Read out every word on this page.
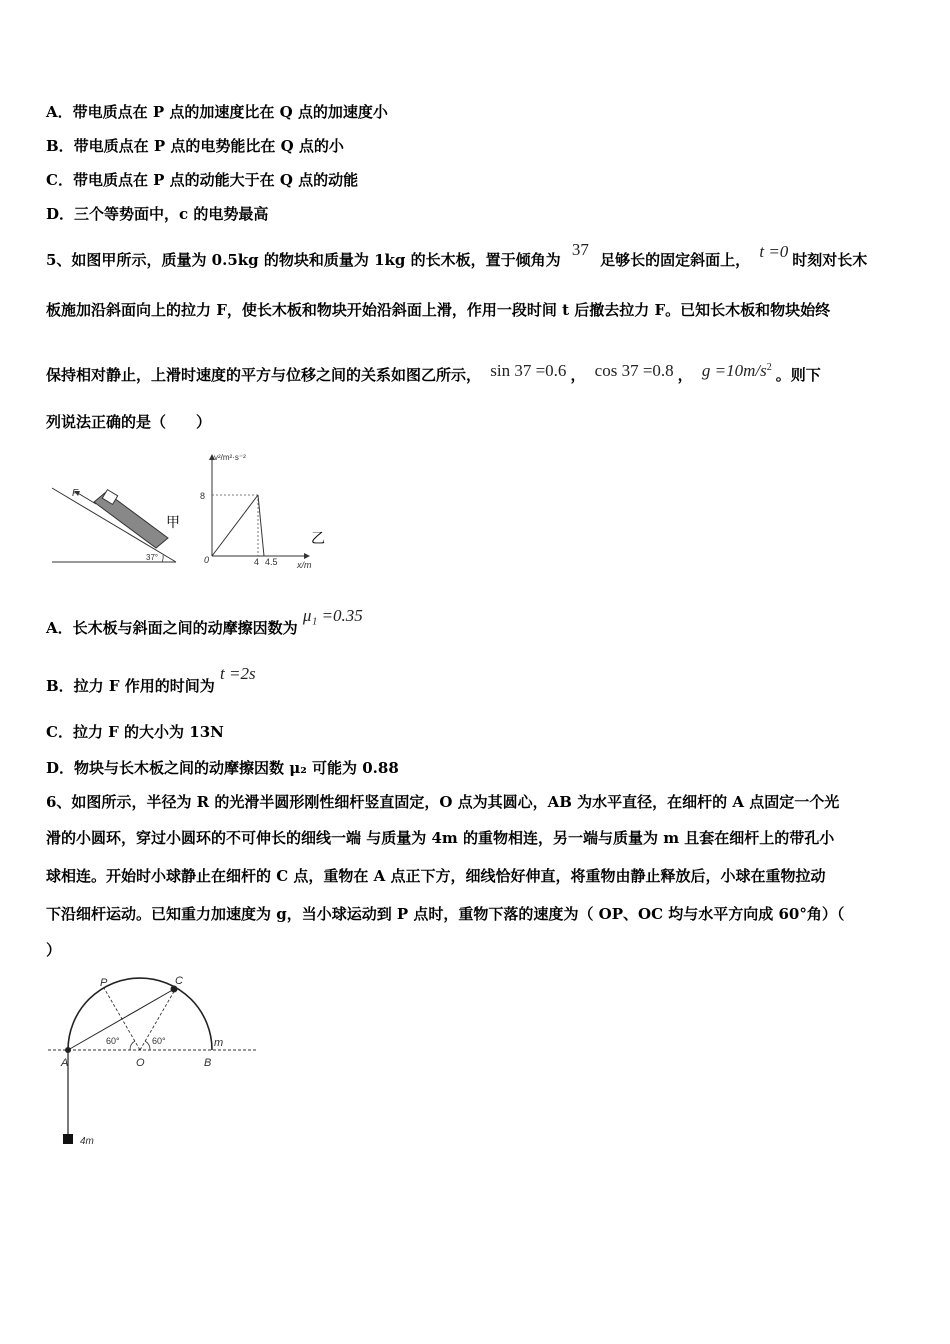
A．带电质点在 P 点的加速度比在 Q 点的加速度小
B．带电质点在 P 点的电势能比在 Q 点的小
C．带电质点在 P 点的动能大于在 Q 点的动能
D．三个等势面中，c 的电势最高
5、如图甲所示，质量为 0.5kg 的物块和质量为 1kg 的长木板，置于倾角为 37 足够长的固定斜面上， t =0 时刻对长木
板施加沿斜面向上的拉力 F，使长木板和物块开始沿斜面上滑，作用一段时间 t 后撤去拉力 F。已知长木板和物块始终
保持相对静止，上滑时速度的平方与位移之间的关系如图乙所示， sin 37 =0.6 ， cos 37 =0.8 ， $g =10m/s^2$ 。则下
列说法正确的是（　　）
F
37°
甲
v²/m²·s⁻²
8
0	4 4.5 x/m
乙
A．长木板与斜面之间的动摩擦因数为 μ₁ =0.35
B．拉力 F 作用的时间为 t =2s
C．拉力 F 的大小为 13N
D．物块与长木板之间的动摩擦因数 μ₂ 可能为 0.88
6、如图所示，半径为 R 的光滑半圆形刚性细杆竖直固定，O 点为其圆心，AB 为水平直径，在细杆的 A 点固定一个光
滑的小圆环，穿过小圆环的不可伸长的细线一端 与质量为 4m 的重物相连，另一端与质量为 m 且套在细杆上的带孔小
球相连。开始时小球静止在细杆的 C 点，重物在 A 点正下方，细线恰好伸直，将重物由静止释放后，小球在重物拉动
下沿细杆运动。已知重力加速度为 g，当小球运动到 P 点时，重物下落的速度为（ OP、OC 均与水平方向成 60°角）（
）
P	C
A	O	B
m
60°	60°
4m
